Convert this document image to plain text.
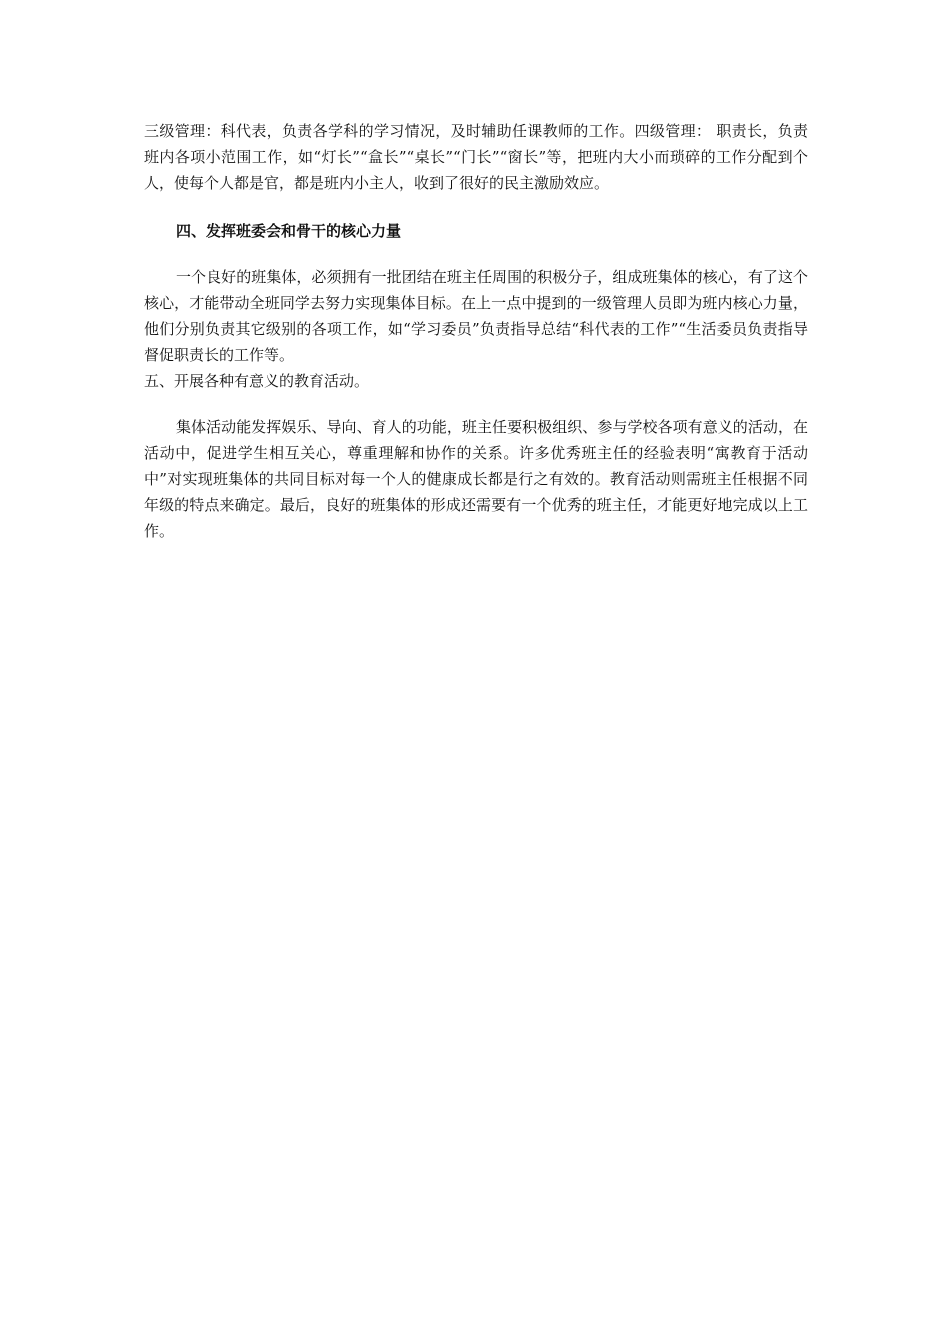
三级管理：科代表，负责各学科的学习情况，及时辅助任课教师的工作。四级管理： 职责长，负责班内各项小范围工作，如“灯长”“盒长”“桌长”“门长”“窗长”等，把班内大小而琐碎的工作分配到个人，使每个人都是官，都是班内小主人，收到了很好的民主激励效应。

四、发挥班委会和骨干的核心力量

一个良好的班集体，必须拥有一批团结在班主任周围的积极分子，组成班集体的核心，有了这个核心，才能带动全班同学去努力实现集体目标。在上一点中提到的一级管理人员即为班内核心力量，他们分别负责其它级别的各项工作，如“学习委员”负责指导总结“科代表的工作”“生活委员负责指导督促职责长的工作等。

五、开展各种有意义的教育活动。

集体活动能发挥娱乐、导向、育人的功能，班主任要积极组织、参与学校各项有意义的活动，在活动中，促进学生相互关心，尊重理解和协作的关系。许多优秀班主任的经验表明“寓教育于活动中”对实现班集体的共同目标对每一个人的健康成长都是行之有效的。教育活动则需班主任根据不同年级的特点来确定。最后，良好的班集体的形成还需要有一个优秀的班主任，才能更好地完成以上工作。
